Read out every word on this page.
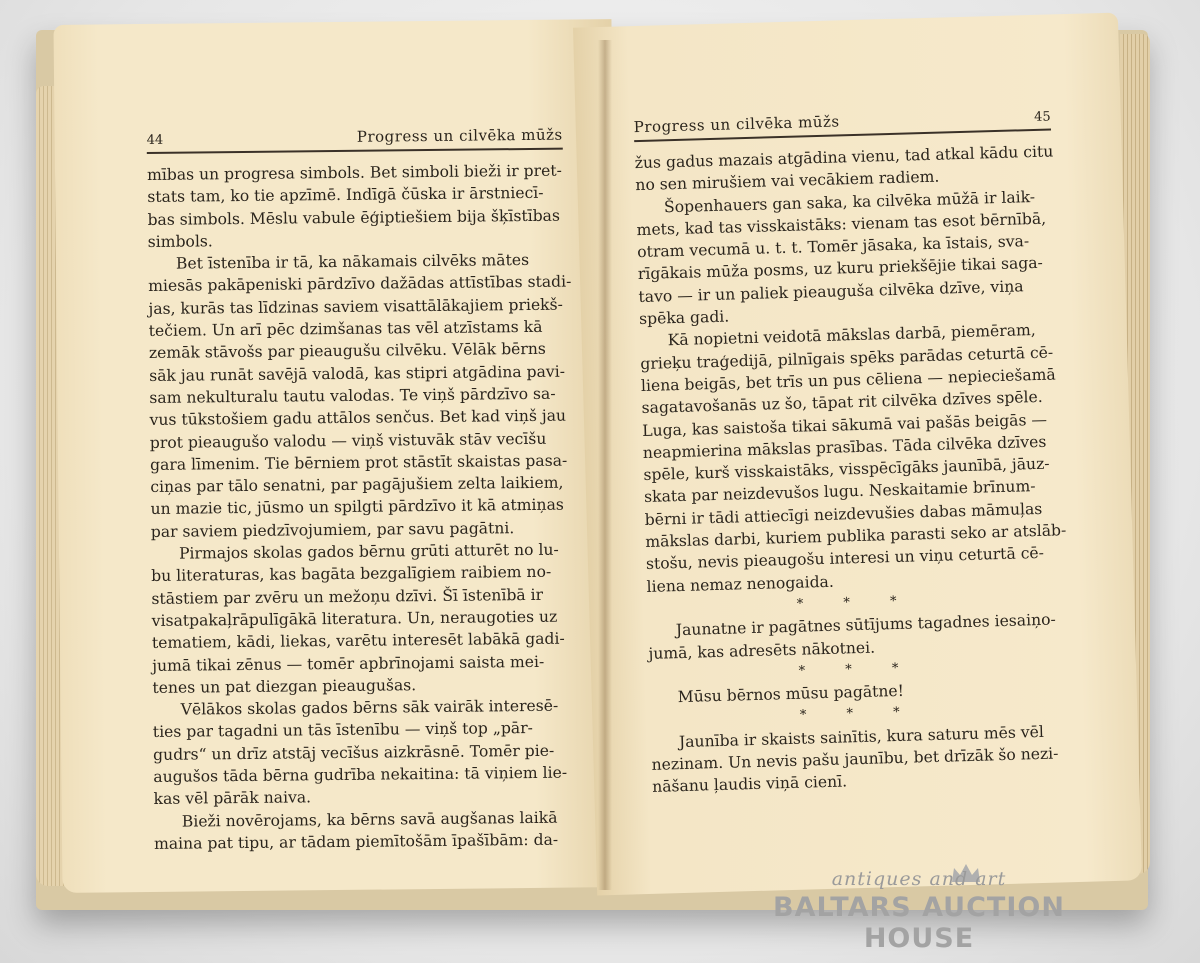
44	Progress un cilvēka mūžs

mības un progresa simbols. Bet simboli bieži ir pret-

stats tam, ko tie apzīmē. Indīgā čūska ir ārstniecī-

bas simbols. Mēslu vabule ēģiptiešiem bija šķīstības

simbols.

Bet īstenība ir tā, ka nākamais cilvēks mātes

miesās pakāpeniski pārdzīvo dažādas attīstības stadi-

jas, kurās tas līdzinas saviem visattālākajiem priekš-

tečiem. Un arī pēc dzimšanas tas vēl atzīstams kā

zemāk stāvošs par pieaugušu cilvēku. Vēlāk bērns

sāk jau runāt savējā valodā, kas stipri atgādina pavi-

sam nekulturalu tautu valodas. Te viņš pārdzīvo sa-

vus tūkstošiem gadu attālos senčus. Bet kad viņš jau

prot pieaugušo valodu — viņš vistuvāk stāv vecīšu

gara līmenim. Tie bērniem prot stāstīt skaistas pasa-

ciņas par tālo senatni, par pagājušiem zelta laikiem,

un mazie tic, jūsmo un spilgti pārdzīvo it kā atmiņas

par saviem piedzīvojumiem, par savu pagātni.

Pirmajos skolas gados bērnu grūti atturēt no lu-

bu literaturas, kas bagāta bezgalīgiem raibiem no-

stāstiem par zvēru un mežoņu dzīvi. Šī īstenībā ir

visatpakaļrāpulīgākā literatura. Un, neraugoties uz

tematiem, kādi, liekas, varētu interesēt labākā gadi-

jumā tikai zēnus — tomēr apbrīnojami saista mei-

tenes un pat diezgan pieaugušas.

Vēlākos skolas gados bērns sāk vairāk interesē-

ties par tagadni un tās īstenību — viņš top „pār-

gudrs“ un drīz atstāj vecīšus aizkrāsnē. Tomēr pie-

augušos tāda bērna gudrība nekaitina: tā viņiem lie-

kas vēl pārāk naiva.

Bieži novērojams, ka bērns savā augšanas laikā

maina pat tipu, ar tādam piemītošām īpašībām: da-

Progress un cilvēka mūžs	45

žus gadus mazais atgādina vienu, tad atkal kādu citu

no sen mirušiem vai vecākiem radiem.

Šopenhauers gan saka, ka cilvēka mūžā ir laik-

mets, kad tas visskaistāks: vienam tas esot bērnībā,

otram vecumā u. t. t. Tomēr jāsaka, ka īstais, sva-

rīgākais mūža posms, uz kuru priekšējie tikai saga-

tavo — ir un paliek pieauguša cilvēka dzīve, viņa

spēka gadi.

Kā nopietni veidotā mākslas darbā, piemēram,

grieķu traģedijā, pilnīgais spēks parādas ceturtā cē-

liena beigās, bet trīs un pus cēliena — nepieciešamā

sagatavošanās uz šo, tāpat rit cilvēka dzīves spēle.

Luga, kas saistoša tikai sākumā vai pašās beigās —

neapmierina mākslas prasības. Tāda cilvēka dzīves

spēle, kurš visskaistāks, visspēcīgāks jaunībā, jāuz-

skata par neizdevušos lugu. Neskaitamie brīnum-

bērni ir tādi attiecīgi neizdevušies dabas māmuļas

mākslas darbi, kuriem publika parasti seko ar atslāb-

stošu, nevis pieaugošu interesi un viņu ceturtā cē-

liena nemaz nenogaida.

* * *

Jaunatne ir pagātnes sūtījums tagadnes iesaiņo-

jumā, kas adresēts nākotnei.

* * *

Mūsu bērnos mūsu pagātne!

* * *

Jaunība ir skaists sainītis, kura saturu mēs vēl

nezinam. Un nevis pašu jaunību, bet drīzāk šo nezi-

nāšanu ļaudis viņā cienī.

antiques and art
BALTARS AUCTION HOUSE
